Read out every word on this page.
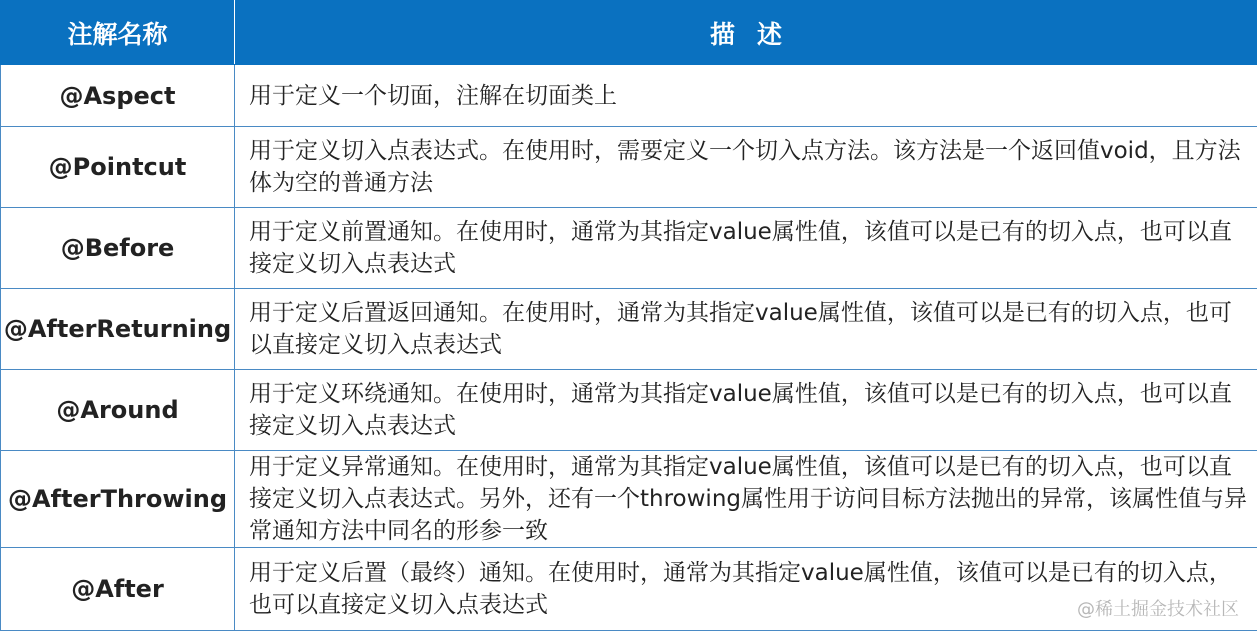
注解名称	描述
@Aspect	用于定义一个切面，注解在切面类上
@Pointcut	用于定义切入点表达式。在使用时，需要定义一个切入点方法。该方法是一个返回值void，且方法体为空的普通方法
@Before	用于定义前置通知。在使用时，通常为其指定value属性值，该值可以是已有的切入点，也可以直接定义切入点表达式
@AfterReturning	用于定义后置返回通知。在使用时，通常为其指定value属性值，该值可以是已有的切入点，也可以直接定义切入点表达式
@Around	用于定义环绕通知。在使用时，通常为其指定value属性值，该值可以是已有的切入点，也可以直接定义切入点表达式
@AfterThrowing	用于定义异常通知。在使用时，通常为其指定value属性值，该值可以是已有的切入点，也可以直接定义切入点表达式。另外，还有一个throwing属性用于访问目标方法抛出的异常，该属性值与异常通知方法中同名的形参一致
@After	用于定义后置（最终）通知。在使用时，通常为其指定value属性值，该值可以是已有的切入点，也可以直接定义切入点表达式	@稀土掘金技术社区
